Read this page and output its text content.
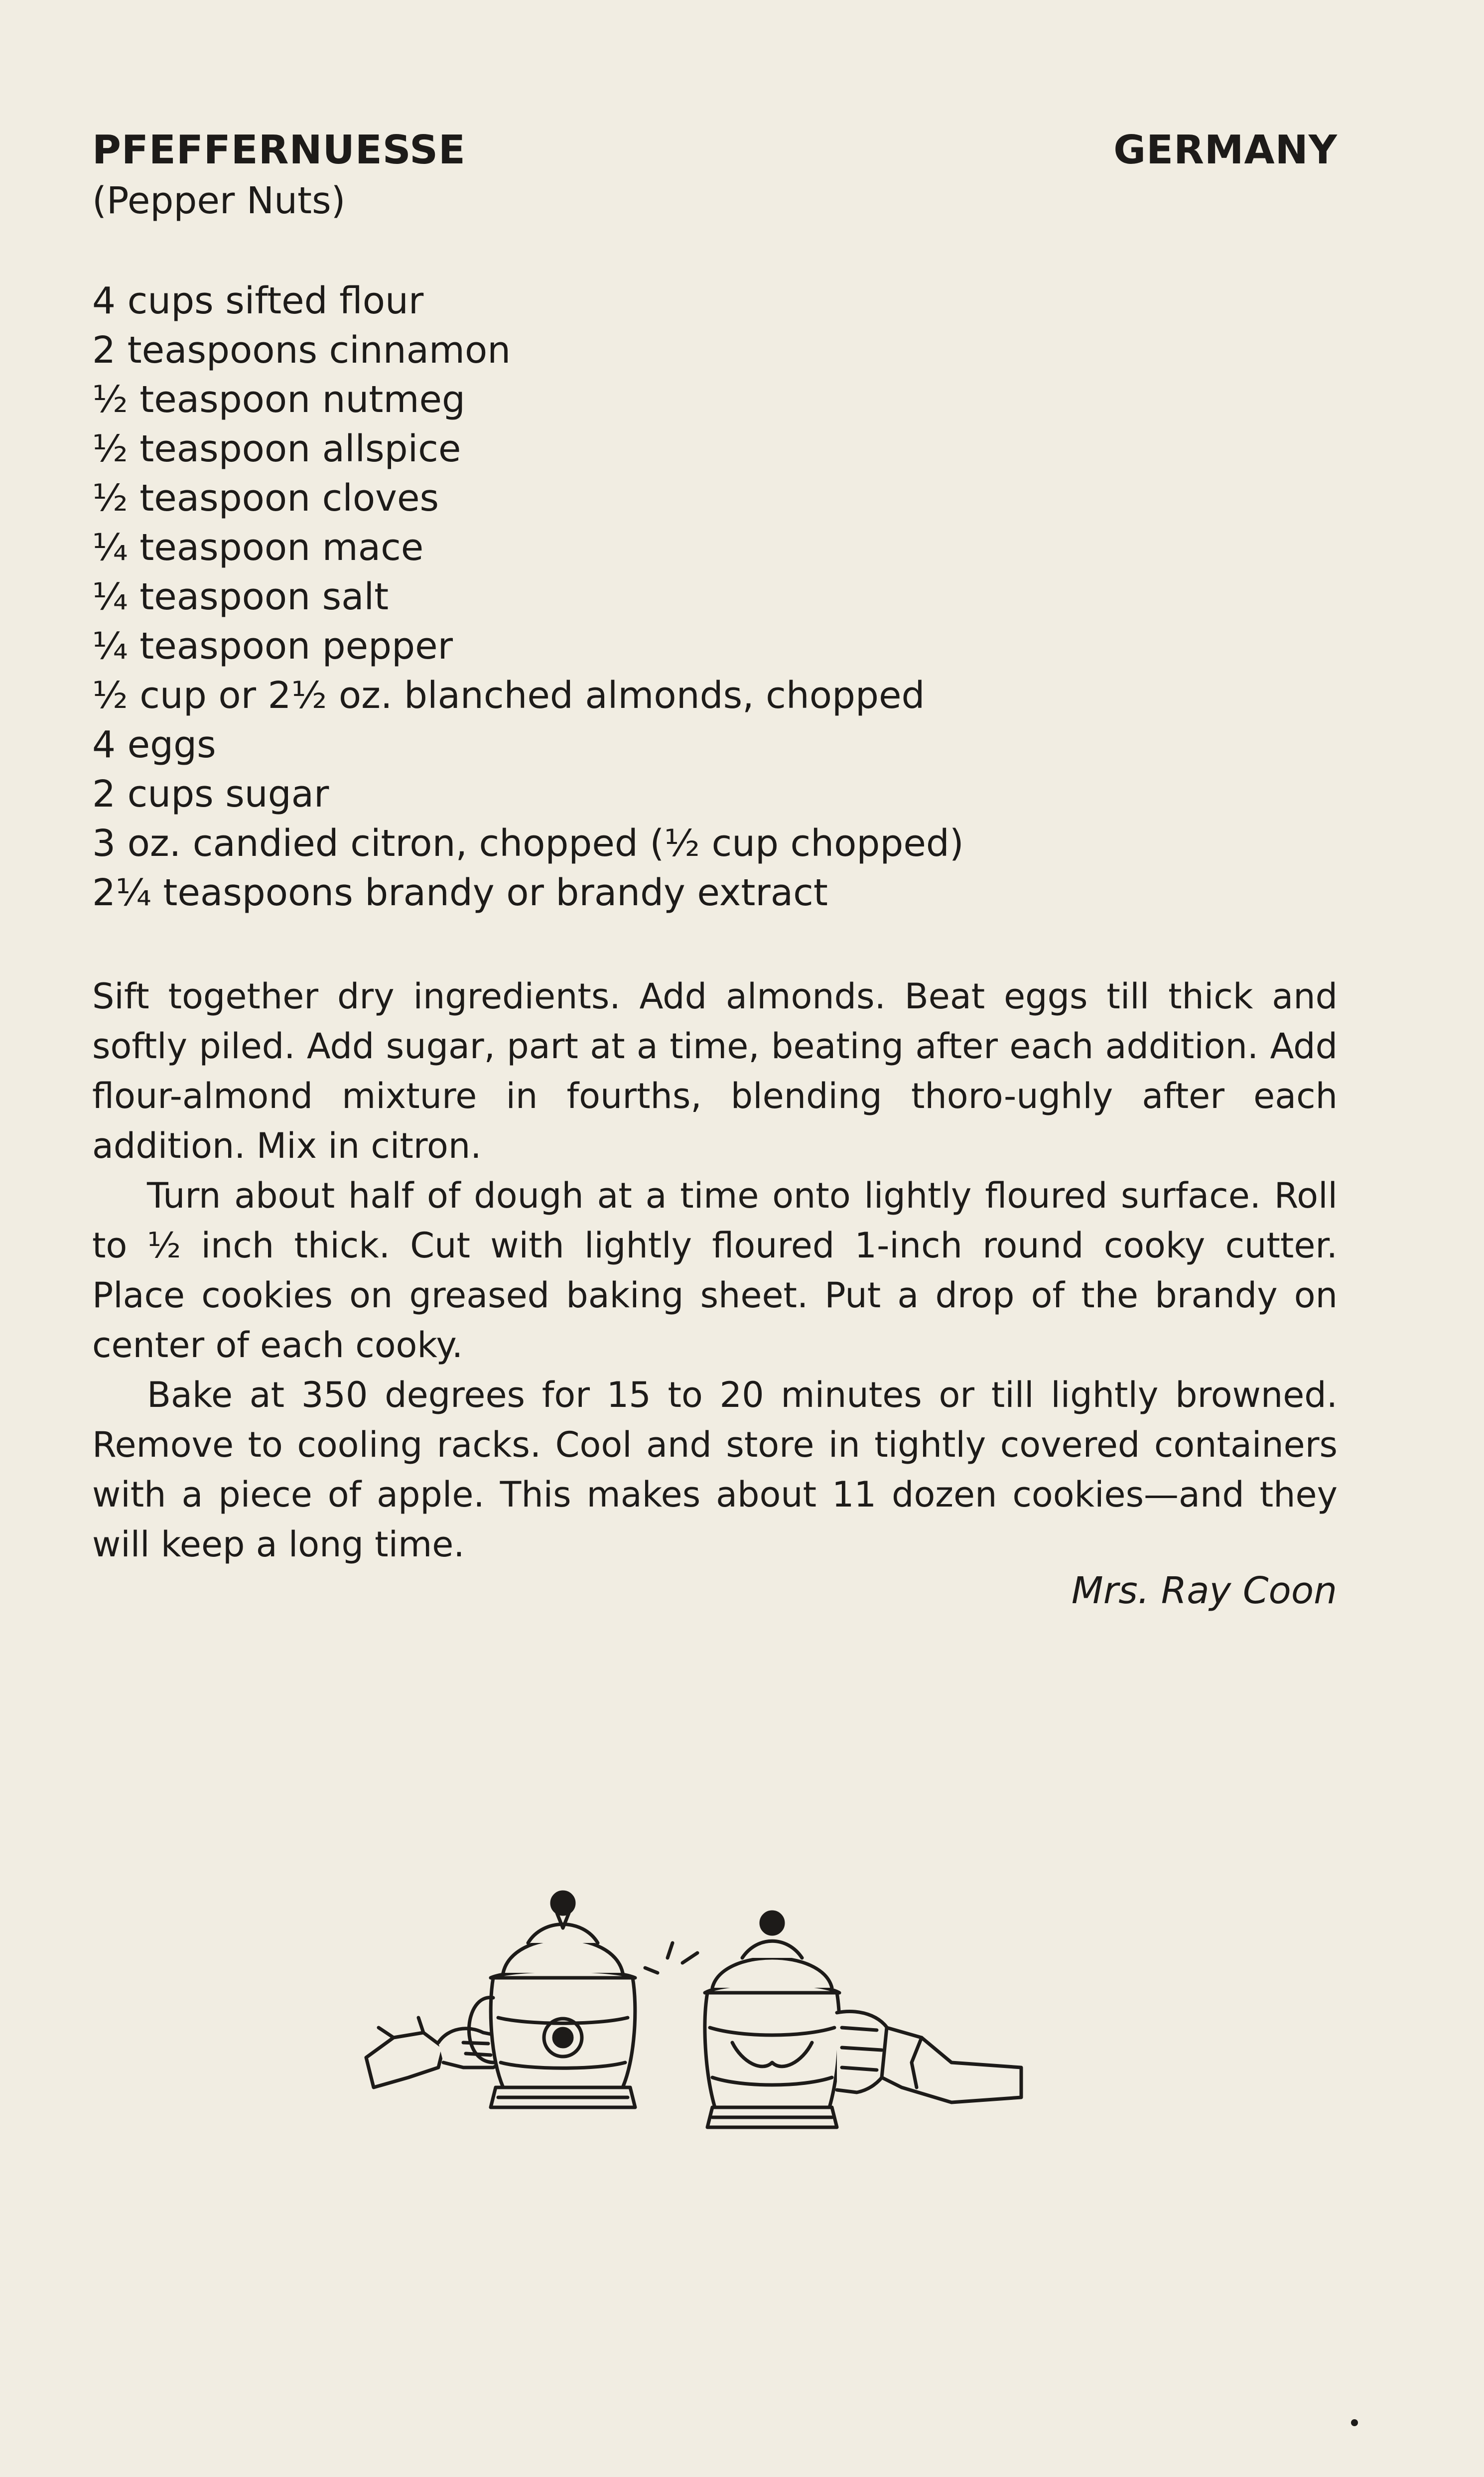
PFEFFERNUESSE	GERMANY
(Pepper Nuts)
4 cups sifted flour
2 teaspoons cinnamon
½ teaspoon nutmeg
½ teaspoon allspice
½ teaspoon cloves
¼ teaspoon mace
¼ teaspoon salt
¼ teaspoon pepper
½ cup or 2½ oz. blanched almonds, chopped
4 eggs
2 cups sugar
3 oz. candied citron, chopped (½ cup chopped)
2¼ teaspoons brandy or brandy extract

Sift together dry ingredients. Add almonds. Beat eggs till thick and softly piled. Add sugar, part at a time, beating after each addition. Add flour-almond mixture in fourths, blending thoro-ughly after each addition. Mix in citron.

Turn about half of dough at a time onto lightly floured surface. Roll to ½ inch thick. Cut with lightly floured 1-inch round cooky cutter. Place cookies on greased baking sheet. Put a drop of the brandy on center of each cooky.

Bake at 350 degrees for 15 to 20 minutes or till lightly browned. Remove to cooling racks. Cool and store in tightly covered containers with a piece of apple. This makes about 11 dozen cookies—and they will keep a long time.

Mrs. Ray Coon
